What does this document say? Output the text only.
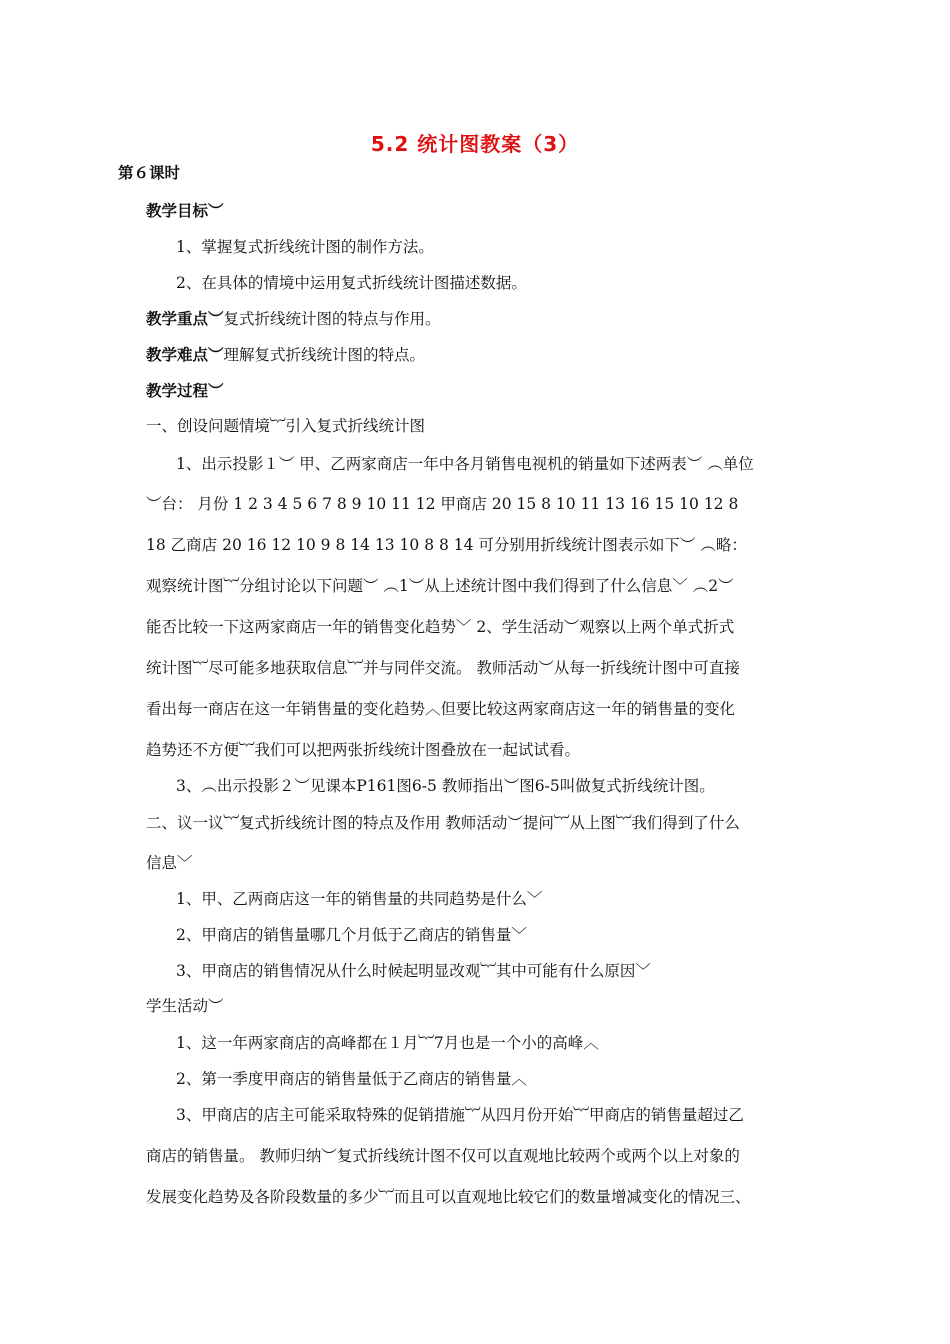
5.2 统计图教案（3）
第６课时
教学目标︶
1、掌握复式折线统计图的制作方法。
2、在具体的情境中运用复式折线统计图描述数据。
教学重点︶复式折线统计图的特点与作用。
教学难点︶理解复式折线统计图的特点。
教学过程︶
一、创设问题情境︸引入复式折线统计图
1、出示投影１︶ 甲、乙两家商店一年中各月销售电视机的销量如下述两表︶ ︵单位
︶台： 月份 1 2 3 4 5 6 7 8 9 10 11 12 甲商店 20 15 8 10 11 13 16 15 10 12 8
18 乙商店 20 16 12 10 9 8 14 13 10 8 8 14 可分别用折线统计图表示如下︶ ︵略：
观察统计图︸分组讨论以下问题︶ ︵1︶从上述统计图中我们得到了什么信息﹀ ︵2︶
能否比较一下这两家商店一年的销售变化趋势﹀ 2、学生活动︶观察以上两个单式折式
统计图︸尽可能多地获取信息︸并与同伴交流。 教师活动︶从每一折线统计图中可直接
看出每一商店在这一年销售量的变化趋势︿但要比较这两家商店这一年的销售量的变化
趋势还不方便︸我们可以把两张折线统计图叠放在一起试试看。
3、︵出示投影２︶见课本P161图6-5 教师指出︶图6-5叫做复式折线统计图。
二、议一议︸复式折线统计图的特点及作用 教师活动︶提问︸从上图︸我们得到了什么
信息﹀
1、甲、乙两商店这一年的销售量的共同趋势是什么﹀
2、甲商店的销售量哪几个月低于乙商店的销售量﹀
3、甲商店的销售情况从什么时候起明显改观︸其中可能有什么原因﹀
学生活动︶
1、这一年两家商店的高峰都在１月︸7月也是一个小的高峰︿
2、第一季度甲商店的销售量低于乙商店的销售量︿
3、甲商店的店主可能采取特殊的促销措施︸从四月份开始︸甲商店的销售量超过乙
商店的销售量。 教师归纳︶复式折线统计图不仅可以直观地比较两个或两个以上对象的
发展变化趋势及各阶段数量的多少︸而且可以直观地比较它们的数量增减变化的情况三、
